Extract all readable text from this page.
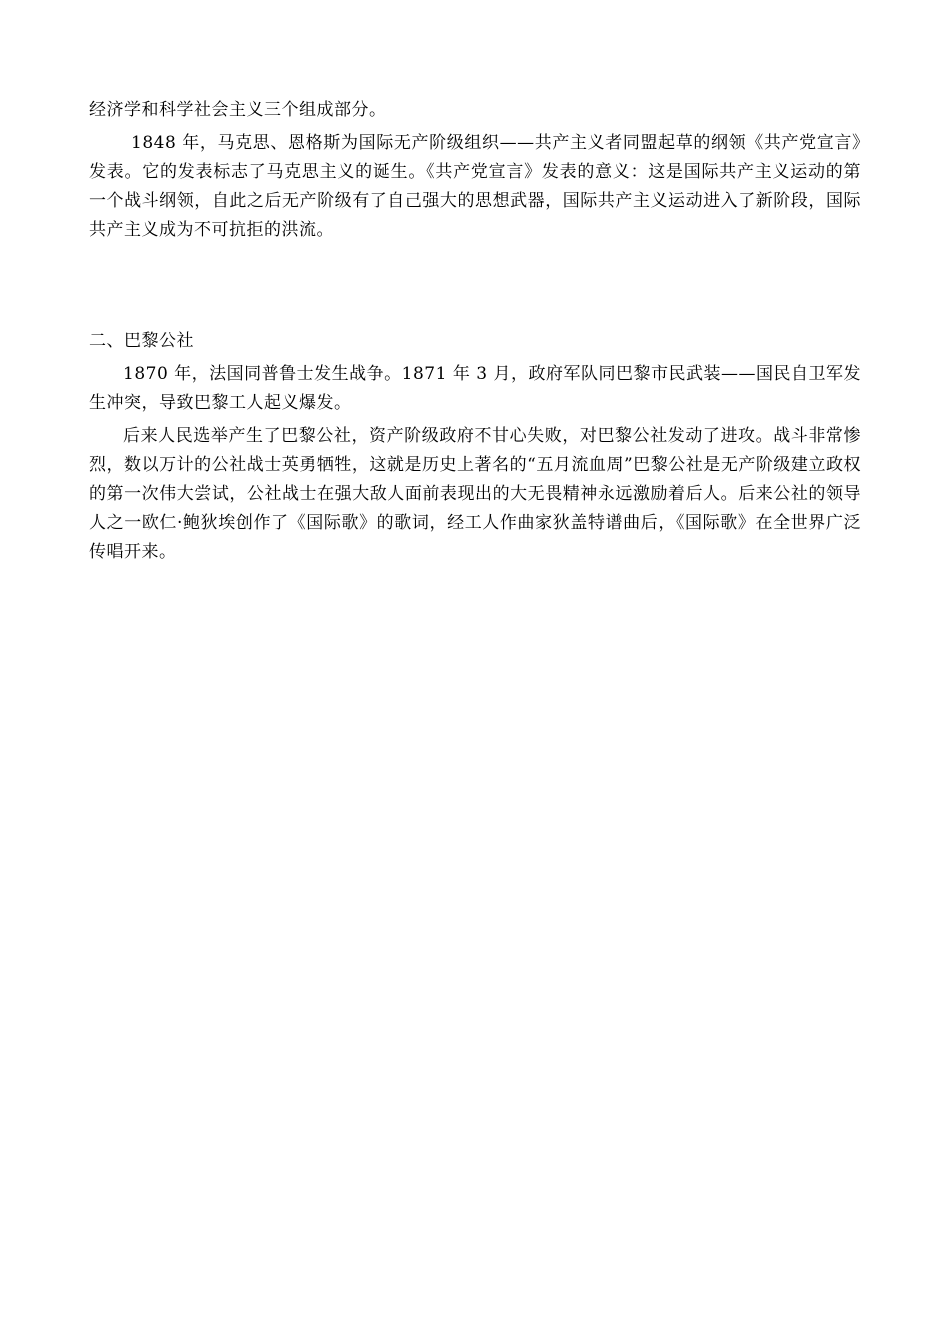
经济学和科学社会主义三个组成部分。

1848 年，马克思、恩格斯为国际无产阶级组织——共产主义者同盟起草的纲领《共产党宣言》发表。它的发表标志了马克思主义的诞生。《共产党宣言》发表的意义：这是国际共产主义运动的第一个战斗纲领，自此之后无产阶级有了自己强大的思想武器，国际共产主义运动进入了新阶段，国际共产主义成为不可抗拒的洪流。

二、巴黎公社

1870 年，法国同普鲁士发生战争。1871 年 3 月，政府军队同巴黎市民武装——国民自卫军发生冲突，导致巴黎工人起义爆发。

后来人民选举产生了巴黎公社，资产阶级政府不甘心失败，对巴黎公社发动了进攻。战斗非常惨烈，数以万计的公社战士英勇牺牲，这就是历史上著名的“五月流血周”巴黎公社是无产阶级建立政权的第一次伟大尝试，公社战士在强大敌人面前表现出的大无畏精神永远激励着后人。后来公社的领导人之一欧仁·鲍狄埃创作了《国际歌》的歌词，经工人作曲家狄盖特谱曲后，《国际歌》在全世界广泛传唱开来。
